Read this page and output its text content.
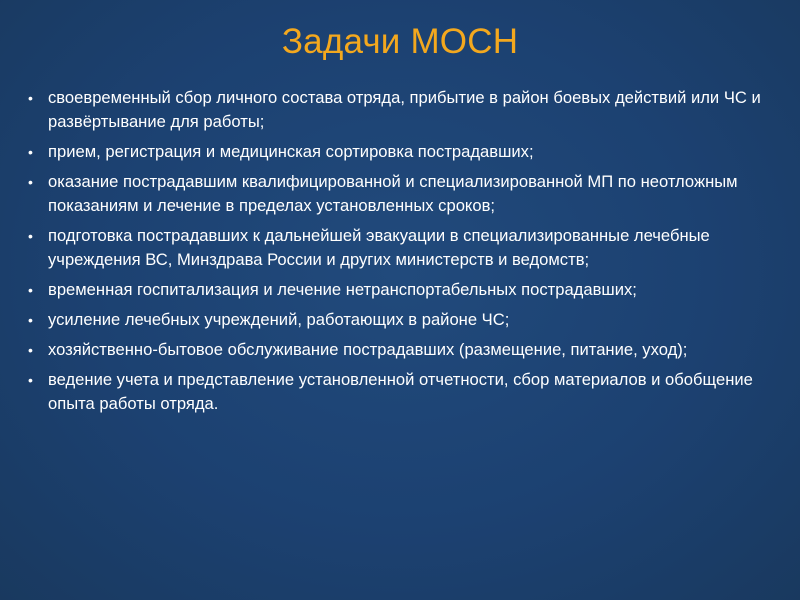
Задачи МОСН
• своевременный сбор личного состава отряда, прибытие в район боевых действий или ЧС и развёртывание для работы;
• прием, регистрация и медицинская сортировка пострадавших;
• оказание пострадавшим квалифицированной и специализированной МП по неотложным показаниям и лечение в пределах установленных сроков;
• подготовка пострадавших к дальнейшей эвакуации в специализированные лечебные учреждения ВС, Минздрава России и других министерств и ведомств;
• временная госпитализация и лечение нетранспортабельных пострадавших;
• усиление лечебных учреждений, работающих в районе ЧС;
• хозяйственно-бытовое обслуживание пострадавших (размещение, питание, уход);
• ведение учета и представление установленной отчетности, сбор материалов и обобщение опыта работы отряда.
